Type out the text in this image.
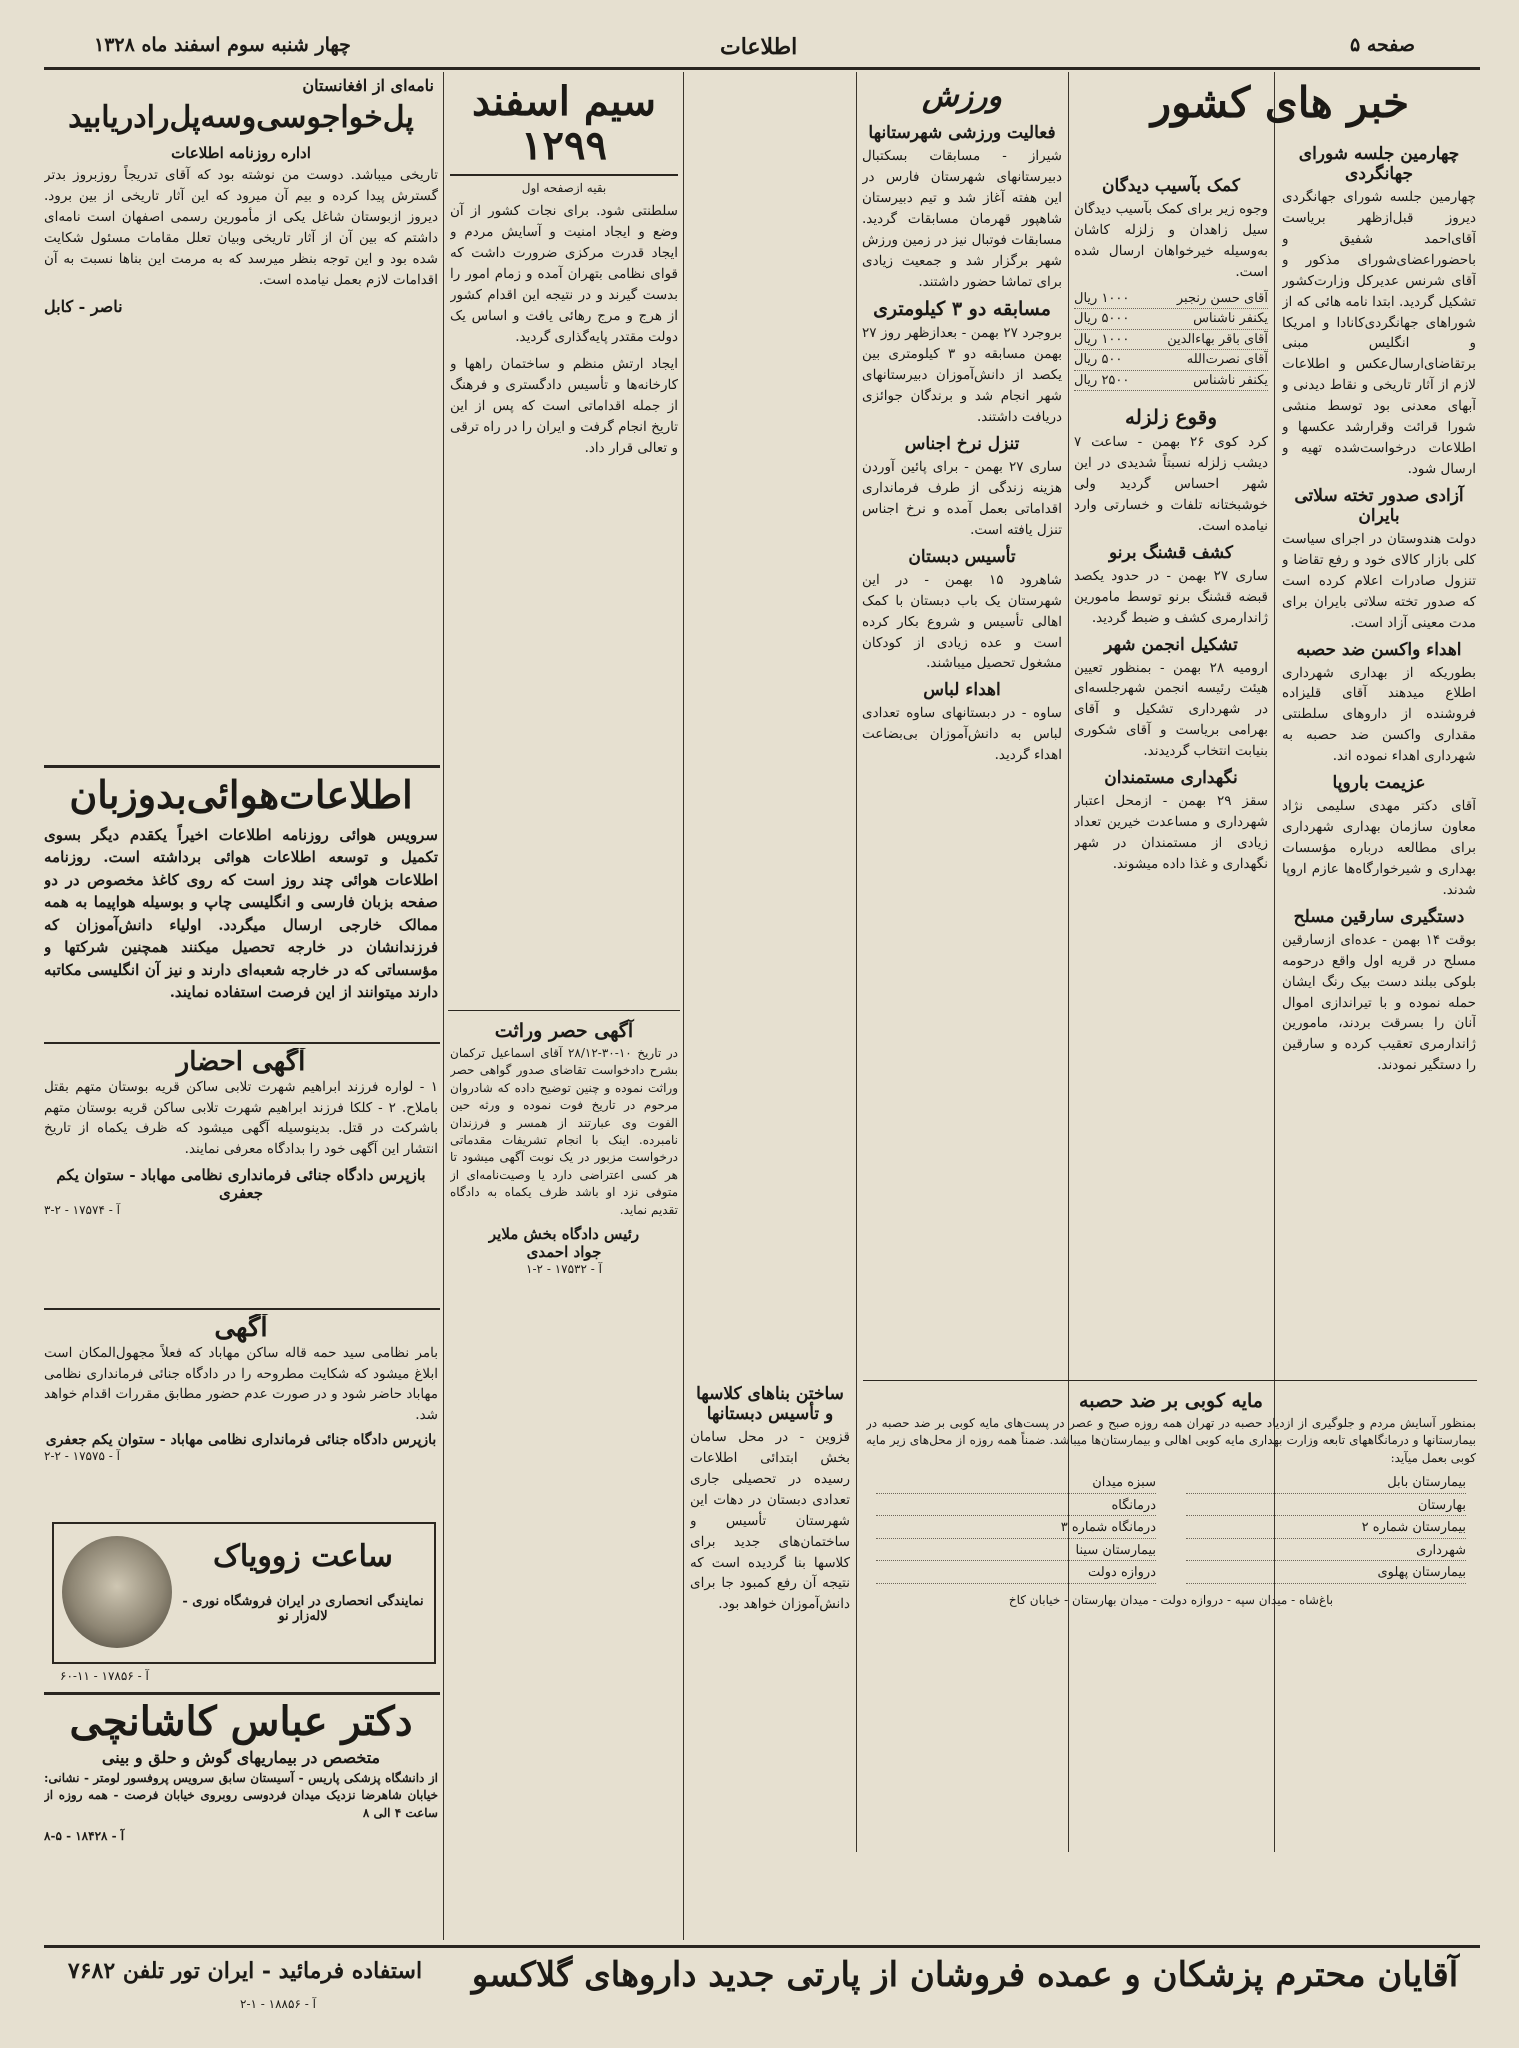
چهار شنبه سوم اسفند ماه ۱۳۲۸	اطلاعات	صفحه ۵
خبر های کشور
چهارمین جلسه شورای جهانگردی

چهارمین جلسه شورای جهانگردی دیروز قبل‌ازظهر بریاست آقای‌احمد شفیق و باحضوراعضای‌شورای مذکور و آقای شرنس عدیرکل وزارت‌کشور تشکیل گردید. ابتدا نامه هائی که از شوراهای جهانگردی‌کانادا و امریکا و انگلیس مبنی برتقاضای‌ارسال‌عکس و اطلاعات لازم از آثار تاریخی و نقاط دیدنی و آبهای معدنی بود توسط منشی شورا قرائت وقرارشد عکسها و اطلاعات درخواست‌شده تهیه و ارسال شود.

آزادی صدور تخته سلاتی بایران

دولت هندوستان در اجرای سیاست کلی بازار کالای خود و رفع تقاضا و تنزول صادرات اعلام کرده است که صدور تخته سلاتی بایران برای مدت معینی آزاد است.

اهداء واکسن ضد حصبه

بطوریکه از بهداری شهرداری اطلاع میدهند آقای قلیزاده فروشنده از داروهای سلطنتی مقداری واکسن ضد حصبه به شهرداری اهداء نموده اند.

عزیمت باروپا

آقای دکتر مهدی سلیمی نژاد معاون سازمان بهداری شهرداری برای مطالعه درباره مؤسسات بهداری و شیرخوارگاه‌ها عازم اروپا شدند.

دستگیری سارقین مسلح

بوقت ۱۴ بهمن - عده‌ای ازسارقین مسلح در قریه اول واقع درحومه بلوکی ببلند دست بیک رنگ ایشان حمله نموده و با تیراندازی اموال آنان را بسرقت بردند، مامورین ژاندارمری تعقیب کرده و سارقین را دستگیر نمودند.

کمک بآسیب دیدگان

وجوه زیر برای کمک بآسیب دیدگان سیل زاهدان و زلزله کاشان به‌وسیله خیرخواهان ارسال شده است.

آقای حسن رنجبر
۱۰۰۰ ریال
یکنفر ناشناس
۵۰۰۰ ریال
آقای باقر بهاءالدین
۱۰۰۰ ریال
آقای نصرت‌الله
۵۰۰ ریال
یکنفر ناشناس
۲۵۰۰ ریال
وقوع زلزله

کرد کوی ۲۶ بهمن - ساعت ۷ دیشب زلزله نسبتاً شدیدی در این شهر احساس گردید ولی خوشبختانه تلفات و خسارتی وارد نیامده است.

کشف قشنگ برنو

ساری ۲۷ بهمن - در حدود یکصد قبضه قشنگ برنو توسط مامورین ژاندارمری کشف و ضبط گردید.

تشکیل انجمن شهر

ارومیه ۲۸ بهمن - بمنظور تعیین هیئت رئیسه انجمن شهرجلسه‌ای در شهرداری تشکیل و آقای بهرامی بریاست و آقای شکوری بنیابت انتخاب گردیدند.

نگهداری مستمندان

سقز ۲۹ بهمن - ازمحل اعتبار شهرداری و مساعدت خیرین تعداد زیادی از مستمندان در شهر نگهداری و غذا داده میشوند.

مایه کوبی بر ضد حصبه

بمنظور آسایش مردم و جلوگیری از ازدیاد حصبه در تهران همه روزه صبح و عصر در پست‌های مایه کوبی بر ضد حصبه در بیمارستانها و درمانگاههای تابعه وزارت بهداری مایه کوبی اهالی و بیمارستان‌ها میباشد. ضمناً همه روزه از محل‌های زیر مایه کوبی بعمل میآید:

بیمارستان بابل
سبزه میدان
بهارستان
درمانگاه
بیمارستان شماره ۲
درمانگاه شماره ۳
شهرداری
بیمارستان سینا
بیمارستان پهلوی
دروازه دولت

باغ‌شاه - میدان سپه - دروازه دولت - میدان بهارستان - خیابان کاخ

ورزش
فعالیت ورزشی شهرستانها

شیراز - مسابقات بسکتبال دبیرستانهای شهرستان فارس در این هفته آغاز شد و تیم دبیرستان شاهپور قهرمان مسابقات گردید. مسابقات فوتبال نیز در زمین ورزش شهر برگزار شد و جمعیت زیادی برای تماشا حضور داشتند.

مسابقه دو ۳ کیلومتری

بروجرد ۲۷ بهمن - بعدازظهر روز ۲۷ بهمن مسابقه دو ۳ کیلومتری بین یکصد از دانش‌آموزان دبیرستانهای شهر انجام شد و برندگان جوائزی دریافت داشتند.

تنزل نرخ اجناس

ساری ۲۷ بهمن - برای پائین آوردن هزینه زندگی از طرف فرمانداری اقداماتی بعمل آمده و نرخ اجناس تنزل یافته است.

تأسیس دبستان

شاهرود ۱۵ بهمن - در این شهرستان یک باب دبستان با کمک اهالی تأسیس و شروع بکار کرده است و عده زیادی از کودکان مشغول تحصیل میباشند.

اهداء لباس

ساوه - در دبستانهای ساوه تعدادی لباس به دانش‌آموزان بی‌بضاعت اهداء گردید.

سیم اسفند ۱۲۹۹
بقیه ازصفحه اول

سلطنتی شود. برای نجات کشور از آن وضع و ایجاد امنیت و آسایش مردم و ایجاد قدرت مرکزی ضرورت داشت که قوای نظامی بتهران آمده و زمام امور را بدست گیرند و در نتیجه این اقدام کشور از هرج و مرج رهائی یافت و اساس یک دولت مقتدر پایه‌گذاری گردید.

ایجاد ارتش منظم و ساختمان راهها و کارخانه‌ها و تأسیس دادگستری و فرهنگ از جمله اقداماتی است که پس از این تاریخ انجام گرفت و ایران را در راه ترقی و تعالی قرار داد.

آگهی حصر وراثت

در تاریخ ۱۰-۳۰-۲۸/۱۲ آقای اسماعیل ترکمان بشرح دادخواست تقاضای صدور گواهی حصر وراثت نموده و چنین توضیح داده که شادروان مرحوم در تاریخ فوت نموده و ورثه حین الفوت وی عبارتند از همسر و فرزندان نامبرده. اینک با انجام تشریفات مقدماتی درخواست مزبور در یک نوبت آگهی میشود تا هر کسی اعتراضی دارد یا وصیت‌نامه‌ای از متوفی نزد او باشد ظرف یکماه به دادگاه تقدیم نماید.

رئیس دادگاه بخش ملایر
جواد احمدی
آ - ۱۷۵۳۲ - ۲-۱
ساختن بناهای کلاسها و تأسیس دبستانها

قزوین - در محل سامان بخش ابتدائی اطلاعات رسیده در تحصیلی جاری تعدادی دبستان در دهات این شهرستان تأسیس و ساختمان‌های جدید برای کلاسها بنا گردیده است که نتیجه آن رفع کمبود جا برای دانش‌آموزان خواهد بود.

نامه‌ای از افغانستان
پل‌خواجوسی‌وسه‌پل‌را‌دریابید
اداره روزنامه اطلاعات

تاریخی میباشد. دوست من نوشته بود که آقای تدریجاً روزبروز بدتر گسترش پیدا کرده و بیم آن میرود که این آثار تاریخی از بین برود. دیروز ازبوستان شاغل یکی از مأمورین رسمی اصفهان است نامه‌ای داشتم که بین آن از آثار تاریخی وبیان تعلل مقامات مسئول شکایت شده بود و این توجه بنظر میرسد که به مرمت این بناها نسبت به آن اقدامات لازم بعمل نیامده است.

ناصر - کابل
اطلاعات‌هوائی‌بدوزبان

سرویس هوائی روزنامه اطلاعات اخیراً یکقدم دیگر بسوی تکمیل و توسعه اطلاعات هوائی برداشته است. روزنامه اطلاعات هوائی چند روز است که روی کاغذ مخصوص در دو صفحه بزبان فارسی و انگلیسی چاپ و بوسیله هواپیما به همه ممالک خارجی ارسال میگردد. اولیاء دانش‌آموزان که فرزندانشان در خارجه تحصیل میکنند همچنین شرکتها و مؤسساتی که در خارجه شعبه‌ای دارند و نیز آن انگلیسی مکاتبه دارند میتوانند از این فرصت استفاده نمایند.

آگهی احضار

۱ - لواره فرزند ابراهیم شهرت تلابی ساکن قریه بوستان متهم بقتل باملاح. ۲ - کلکا فرزند ابراهیم شهرت تلابی ساکن قریه بوستان متهم باشرکت در قتل. بدینوسیله آگهی میشود که ظرف یکماه از تاریخ انتشار این آگهی خود را بدادگاه معرفی نمایند.

بازپرس دادگاه جنائی فرمانداری نظامی مهاباد - ستوان یکم جعفری
آ - ۱۷۵۷۴ - ۲-۳
آگهی

بامر نظامی سید حمه قاله ساکن مهاباد که فعلاً مجهول‌المکان است ابلاغ میشود که شکایت مطروحه را در دادگاه جنائی فرمانداری نظامی مهاباد حاضر شود و در صورت عدم حضور مطابق مقررات اقدام خواهد شد.

بازپرس دادگاه جنائی فرمانداری نظامی مهاباد - ستوان یکم جعفری
آ - ۱۷۵۷۵ - ۲-۲
ساعت زوویاک
نمایندگی انحصاری در ایران فروشگاه نوری - لاله‌زار نو
آ - ۱۷۸۵۶ - ۱۱-۶۰
دکتر عباس کاشانچی
متخصص در بیماریهای گوش و حلق و بینی

از دانشگاه پزشکی پاریس - آسیستان سابق سرویس پروفسور لومتر - نشانی: خیابان شاهرضا نزدیک میدان فردوسی روبروی خیابان فرصت - همه روزه از ساعت ۴ الی ۸

آ - ۱۸۴۲۸ - ۵-۸
آقایان محترم پزشکان و عمده فروشان از پارتی جدید داروهای گلاکسو
استفاده فرمائید - ایران تور تلفن ۷۶۸۲
آ - ۱۸۸۵۶ - ۱-۲
